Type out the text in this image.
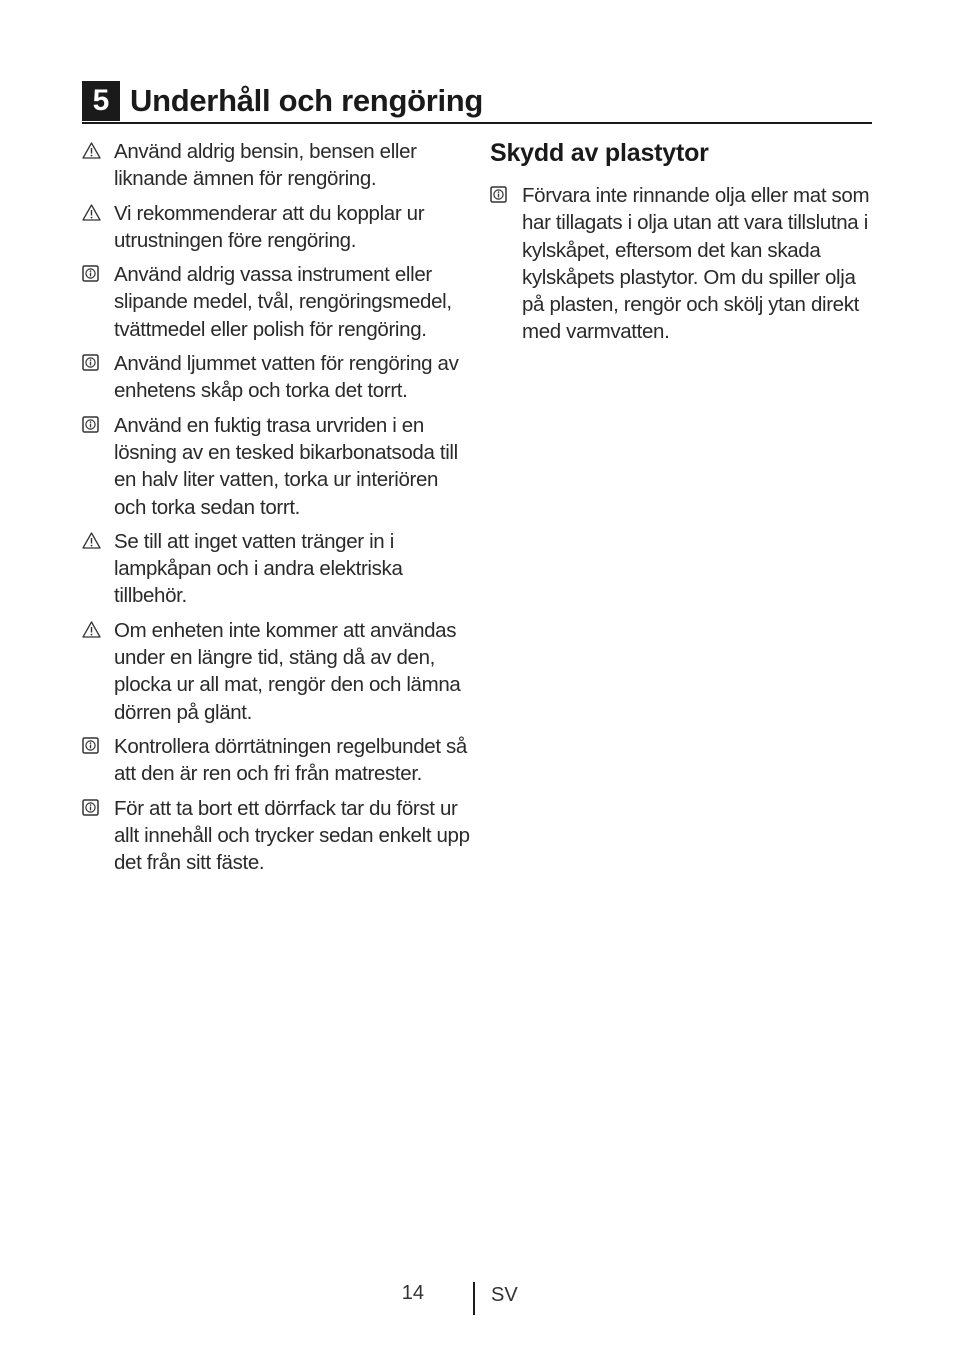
5 Underhåll och rengöring
Använd aldrig bensin, bensen eller liknande ämnen för rengöring.
Vi rekommenderar att du kopplar ur utrustningen före rengöring.
Använd aldrig vassa instrument eller slipande medel, tvål, rengöringsmedel, tvättmedel eller polish för rengöring.
Använd ljummet vatten för rengöring av enhetens skåp och torka det torrt.
Använd en fuktig trasa urvriden i en lösning av en tesked bikarbonatsoda till en halv liter vatten, torka ur interiören och torka sedan torrt.
Se till att inget vatten tränger in i lampkåpan och i andra elektriska tillbehör.
Om enheten inte kommer att användas under en längre tid, stäng då av den, plocka ur all mat, rengör den och lämna dörren på glänt.
Kontrollera dörrtätningen regelbundet så att den är ren och fri från matrester.
För att ta bort ett dörrfack tar du först ur allt innehåll och trycker sedan enkelt upp det från sitt fäste.
Skydd av plastytor
Förvara inte rinnande olja eller mat som har tillagats i olja utan att vara tillslutna i kylskåpet, eftersom det kan skada kylskåpets plastytor. Om du spiller olja på plasten, rengör och skölj ytan direkt med varmvatten.
14	SV
